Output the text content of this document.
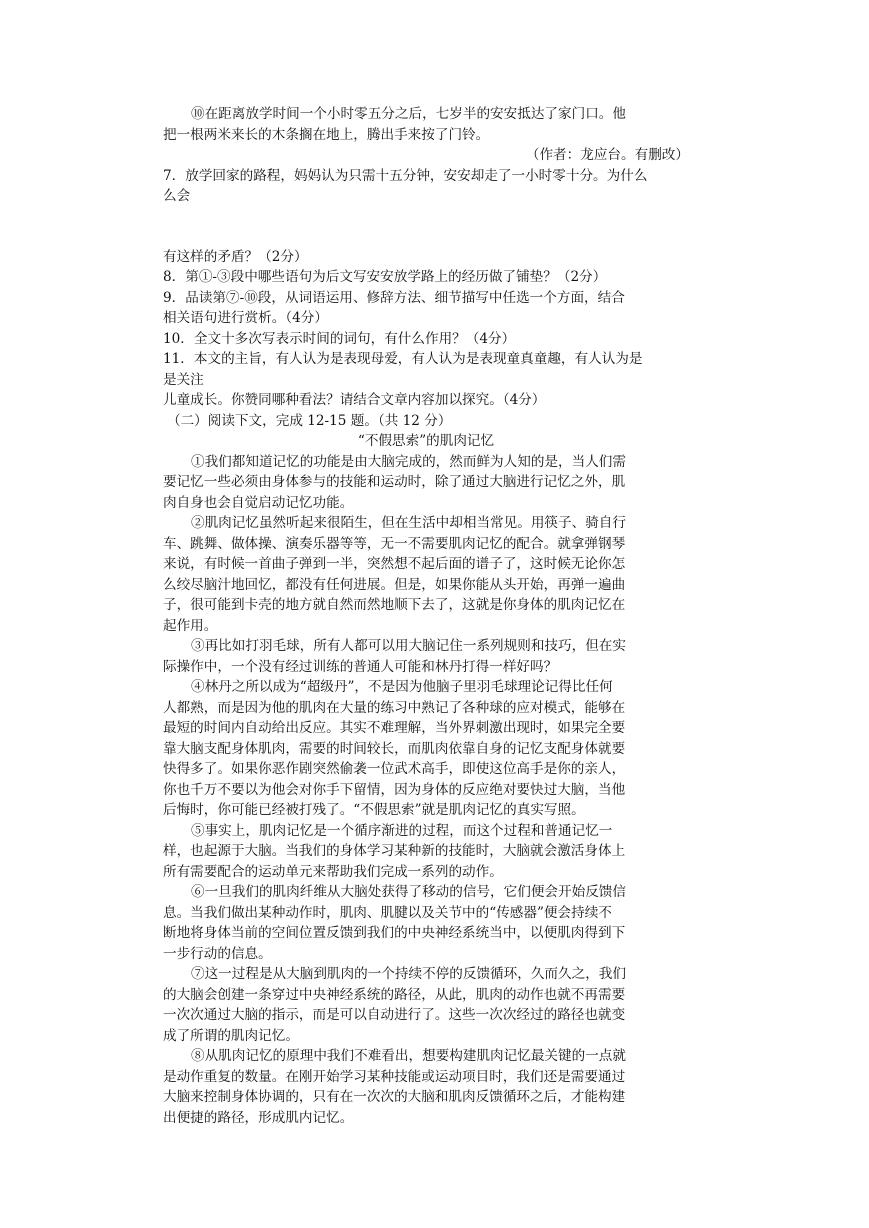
⑩在距离放学时间一个小时零五分之后，七岁半的安安抵达了家门口。他
把一根两米来长的木条搁在地上，腾出手来按了门铃。
（作者：龙应台。有删改）
7．放学回家的路程，妈妈认为只需十五分钟，安安却走了一小时零十分。为什么
么会
有这样的矛盾？（2分）
8．第①-③段中哪些语句为后文写安安放学路上的经历做了铺垫？（2分）
9．品读第⑦-⑩段，从词语运用、修辞方法、细节描写中任选一个方面，结合
相关语句进行赏析。（4分）
10．全文十多次写表示时间的词句，有什么作用？（4分）
11．本文的主旨，有人认为是表现母爱，有人认为是表现童真童趣，有人认为是
是关注
儿童成长。你赞同哪种看法？请结合文章内容加以探究。（4分）
（二）阅读下文，完成 12-15 题。（共 12 分）
“不假思索”的肌肉记忆
①我们都知道记忆的功能是由大脑完成的，然而鲜为人知的是，当人们需
要记忆一些必须由身体参与的技能和运动时，除了通过大脑进行记忆之外，肌
肉自身也会自觉启动记忆功能。
②肌肉记忆虽然听起来很陌生，但在生活中却相当常见。用筷子、骑自行
车、跳舞、做体操、演奏乐器等等，无一不需要肌肉记忆的配合。就拿弹钢琴
来说，有时候一首曲子弹到一半，突然想不起后面的谱子了，这时候无论你怎
么绞尽脑汁地回忆，都没有任何进展。但是，如果你能从头开始，再弹一遍曲
子，很可能到卡壳的地方就自然而然地顺下去了，这就是你身体的肌肉记忆在
起作用。
③再比如打羽毛球，所有人都可以用大脑记住一系列规则和技巧，但在实
际操作中，一个没有经过训练的普通人可能和林丹打得一样好吗？
④林丹之所以成为“超级丹”，不是因为他脑子里羽毛球理论记得比任何
人都熟，而是因为他的肌肉在大量的练习中熟记了各种球的应对模式，能够在
最短的时间内自动给出反应。其实不难理解，当外界刺激出现时，如果完全要
靠大脑支配身体肌肉，需要的时间较长，而肌肉依靠自身的记忆支配身体就要
快得多了。如果你恶作剧突然偷袭一位武术高手，即使这位高手是你的亲人，
你也千万不要以为他会对你手下留情，因为身体的反应绝对要快过大脑，当他
后悔时，你可能已经被打残了。“不假思索”就是肌肉记忆的真实写照。
⑤事实上，肌肉记忆是一个循序渐进的过程，而这个过程和普通记忆一
样，也起源于大脑。当我们的身体学习某种新的技能时，大脑就会激活身体上
所有需要配合的运动单元来帮助我们完成一系列的动作。
⑥一旦我们的肌肉纤维从大脑处获得了移动的信号，它们便会开始反馈信
息。当我们做出某种动作时，肌肉、肌腱以及关节中的“传感器”便会持续不
断地将身体当前的空间位置反馈到我们的中央神经系统当中，以便肌肉得到下
一步行动的信息。
⑦这一过程是从大脑到肌肉的一个持续不停的反馈循环，久而久之，我们
的大脑会创建一条穿过中央神经系统的路径，从此，肌肉的动作也就不再需要
一次次通过大脑的指示，而是可以自动进行了。这些一次次经过的路径也就变
成了所谓的肌肉记忆。
⑧从肌肉记忆的原理中我们不难看出，想要构建肌肉记忆最关键的一点就
是动作重复的数量。在刚开始学习某种技能或运动项目时，我们还是需要通过
大脑来控制身体协调的，只有在一次次的大脑和肌肉反馈循环之后，才能构建
出便捷的路径，形成肌内记忆。
